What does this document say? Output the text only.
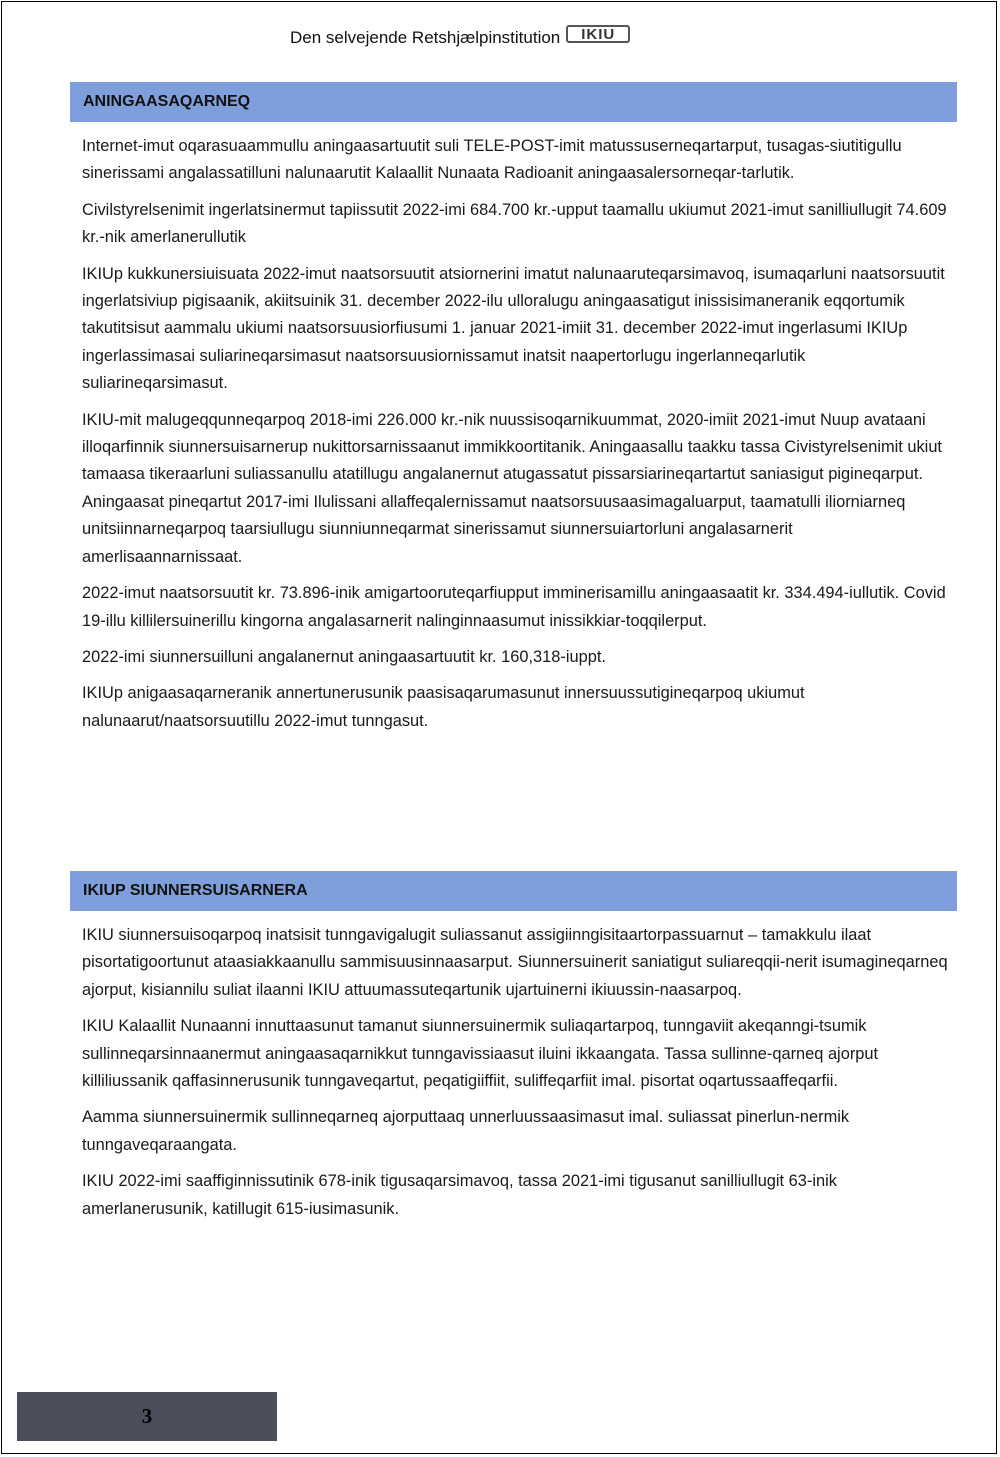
Den selvejende Retshjælpinstitution	IKIU
ANINGAASAQARNEQ

Internet-imut oqarasuaammullu aningaasartuutit suli TELE-POST-imit matussuserneqartarput, tusagas-siutitigullu sinerissami angalassatilluni nalunaarutit Kalaallit Nunaata Radioanit aningaasalersorneqar-tarlutik.

Civilstyrelsenimit ingerlatsinermut tapiissutit 2022-imi 684.700 kr.-upput taamallu ukiumut 2021-imut sanilliullugit 74.609 kr.-nik amerlanerullutik

IKIUp kukkunersiuisuata 2022-imut naatsorsuutit atsiornerini imatut nalunaaruteqarsimavoq, isumaqarluni naatsorsuutit ingerlatsiviup pigisaanik, akiitsuinik 31. december 2022-ilu ulloralugu aningaasatigut inissisimaneranik eqqortumik takutitsisut aammalu ukiumi naatsorsuusiorfiusumi 1. januar 2021-imiit 31. december 2022-imut ingerlasumi IKIUp ingerlassimasai suliarineqarsimasut naatsorsuusiornissamut inatsit naapertorlugu ingerlanneqarlutik suliarineqarsimasut.

IKIU-mit malugeqqunneqarpoq 2018-imi 226.000 kr.-nik nuussisoqarnikuummat, 2020-imiit 2021-imut Nuup avataani illoqarfinnik siunnersuisarnerup nukittorsarnissaanut immikkoortitanik. Aningaasallu taakku tassa Civistyrelsenimit ukiut tamaasa tikeraarluni suliassanullu atatillugu angalanernut atugassatut pissarsiarineqartartut saniasigut pigineqarput. Aningaasat pineqartut 2017-imi Ilulissani allaffeqalernissamut naatsorsuusaasimagaluarput, taamatulli iliorniarneq unitsiinnarneqarpoq taarsiullugu siunniunneqarmat sinerissamut siunnersuiartorluni angalasarnerit amerlisaannarnissaat.

2022-imut naatsorsuutit kr. 73.896-inik amigartooruteqarfiupput imminerisamillu aningaasaatit kr. 334.494-iullutik. Covid 19-illu killilersuinerillu kingorna angalasarnerit nalinginnaasumut inissikkiar-toqqilerput.

2022-imi siunnersuilluni angalanernut aningaasartuutit kr. 160,318-iuppt.

IKIUp anigaasaqarneranik annertunerusunik paasisaqarumasunut innersuussutigineqarpoq ukiumut nalunaarut/naatsorsuutillu 2022-imut tunngasut.

IKIUP SIUNNERSUISARNERA

IKIU siunnersuisoqarpoq inatsisit tunngavigalugit suliassanut assigiinngisitaartorpassuarnut – tamakkulu ilaat pisortatigoortunut ataasiakkaanullu sammisuusinnaasarput. Siunnersuinerit saniatigut suliareqqii-nerit isumagineqarneq ajorput, kisiannilu suliat ilaanni IKIU attuumassuteqartunik ujartuinerni ikiuussin-naasarpoq.

IKIU Kalaallit Nunaanni innuttaasunut tamanut siunnersuinermik suliaqartarpoq, tunngaviit akeqanngi-tsumik sullinneqarsinnaanermut aningaasaqarnikkut tunngavissiaasut iluini ikkaangata. Tassa sullinne-qarneq ajorput killiliussanik qaffasinnerusunik tunngaveqartut, peqatigiiffiit, suliffeqarfiit imal. pisortat oqartussaaffeqarfii.

Aamma siunnersuinermik sullinneqarneq ajorputtaaq unnerluussaasimasut imal. suliassat pinerlun-nermik tunngaveqaraangata.

IKIU 2022-imi saaffiginnissutinik 678-inik tigusaqarsimavoq, tassa 2021-imi tigusanut sanilliullugit 63-inik amerlanerusunik, katillugit 615-iusimasunik.

3
